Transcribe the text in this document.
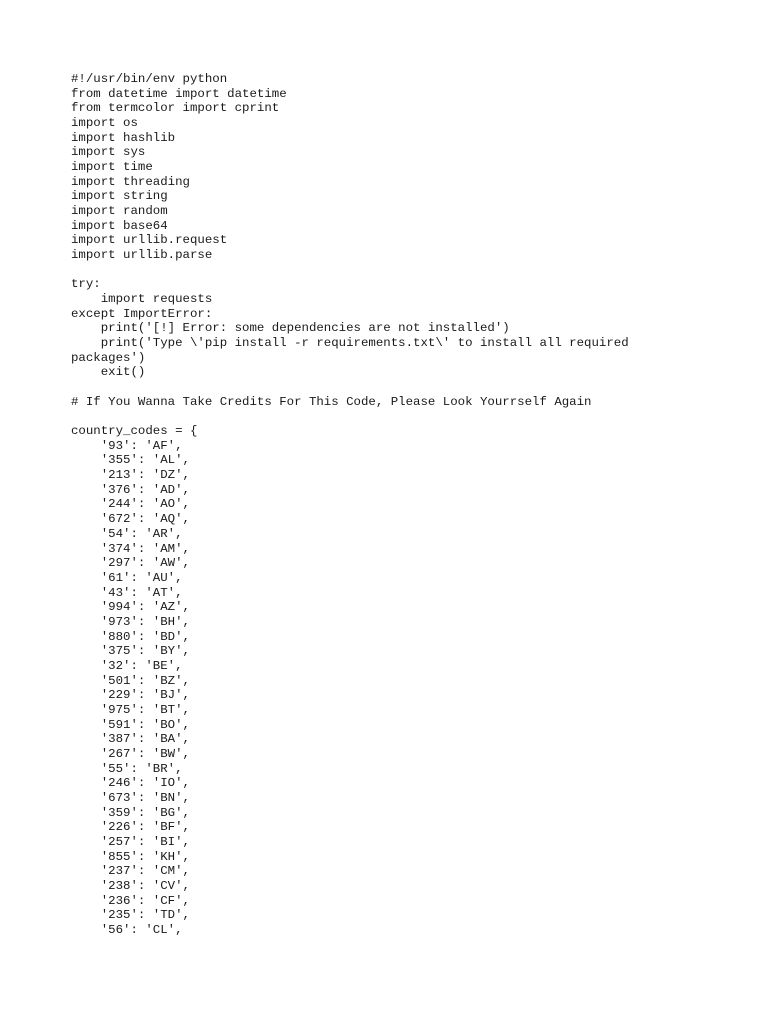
#!/usr/bin/env python
from datetime import datetime
from termcolor import cprint
import os
import hashlib
import sys
import time
import threading
import string
import random
import base64
import urllib.request
import urllib.parse
try:
import requests
except ImportError:
print('[!] Error: some dependencies are not installed')
print('Type \'pip install -r requirements.txt\' to install all required
packages')
exit()
# If You Wanna Take Credits For This Code, Please Look Yourrself Again
country_codes = {
'93': 'AF',
'355': 'AL',
'213': 'DZ',
'376': 'AD',
'244': 'AO',
'672': 'AQ',
'54': 'AR',
'374': 'AM',
'297': 'AW',
'61': 'AU',
'43': 'AT',
'994': 'AZ',
'973': 'BH',
'880': 'BD',
'375': 'BY',
'32': 'BE',
'501': 'BZ',
'229': 'BJ',
'975': 'BT',
'591': 'BO',
'387': 'BA',
'267': 'BW',
'55': 'BR',
'246': 'IO',
'673': 'BN',
'359': 'BG',
'226': 'BF',
'257': 'BI',
'855': 'KH',
'237': 'CM',
'238': 'CV',
'236': 'CF',
'235': 'TD',
'56': 'CL',
